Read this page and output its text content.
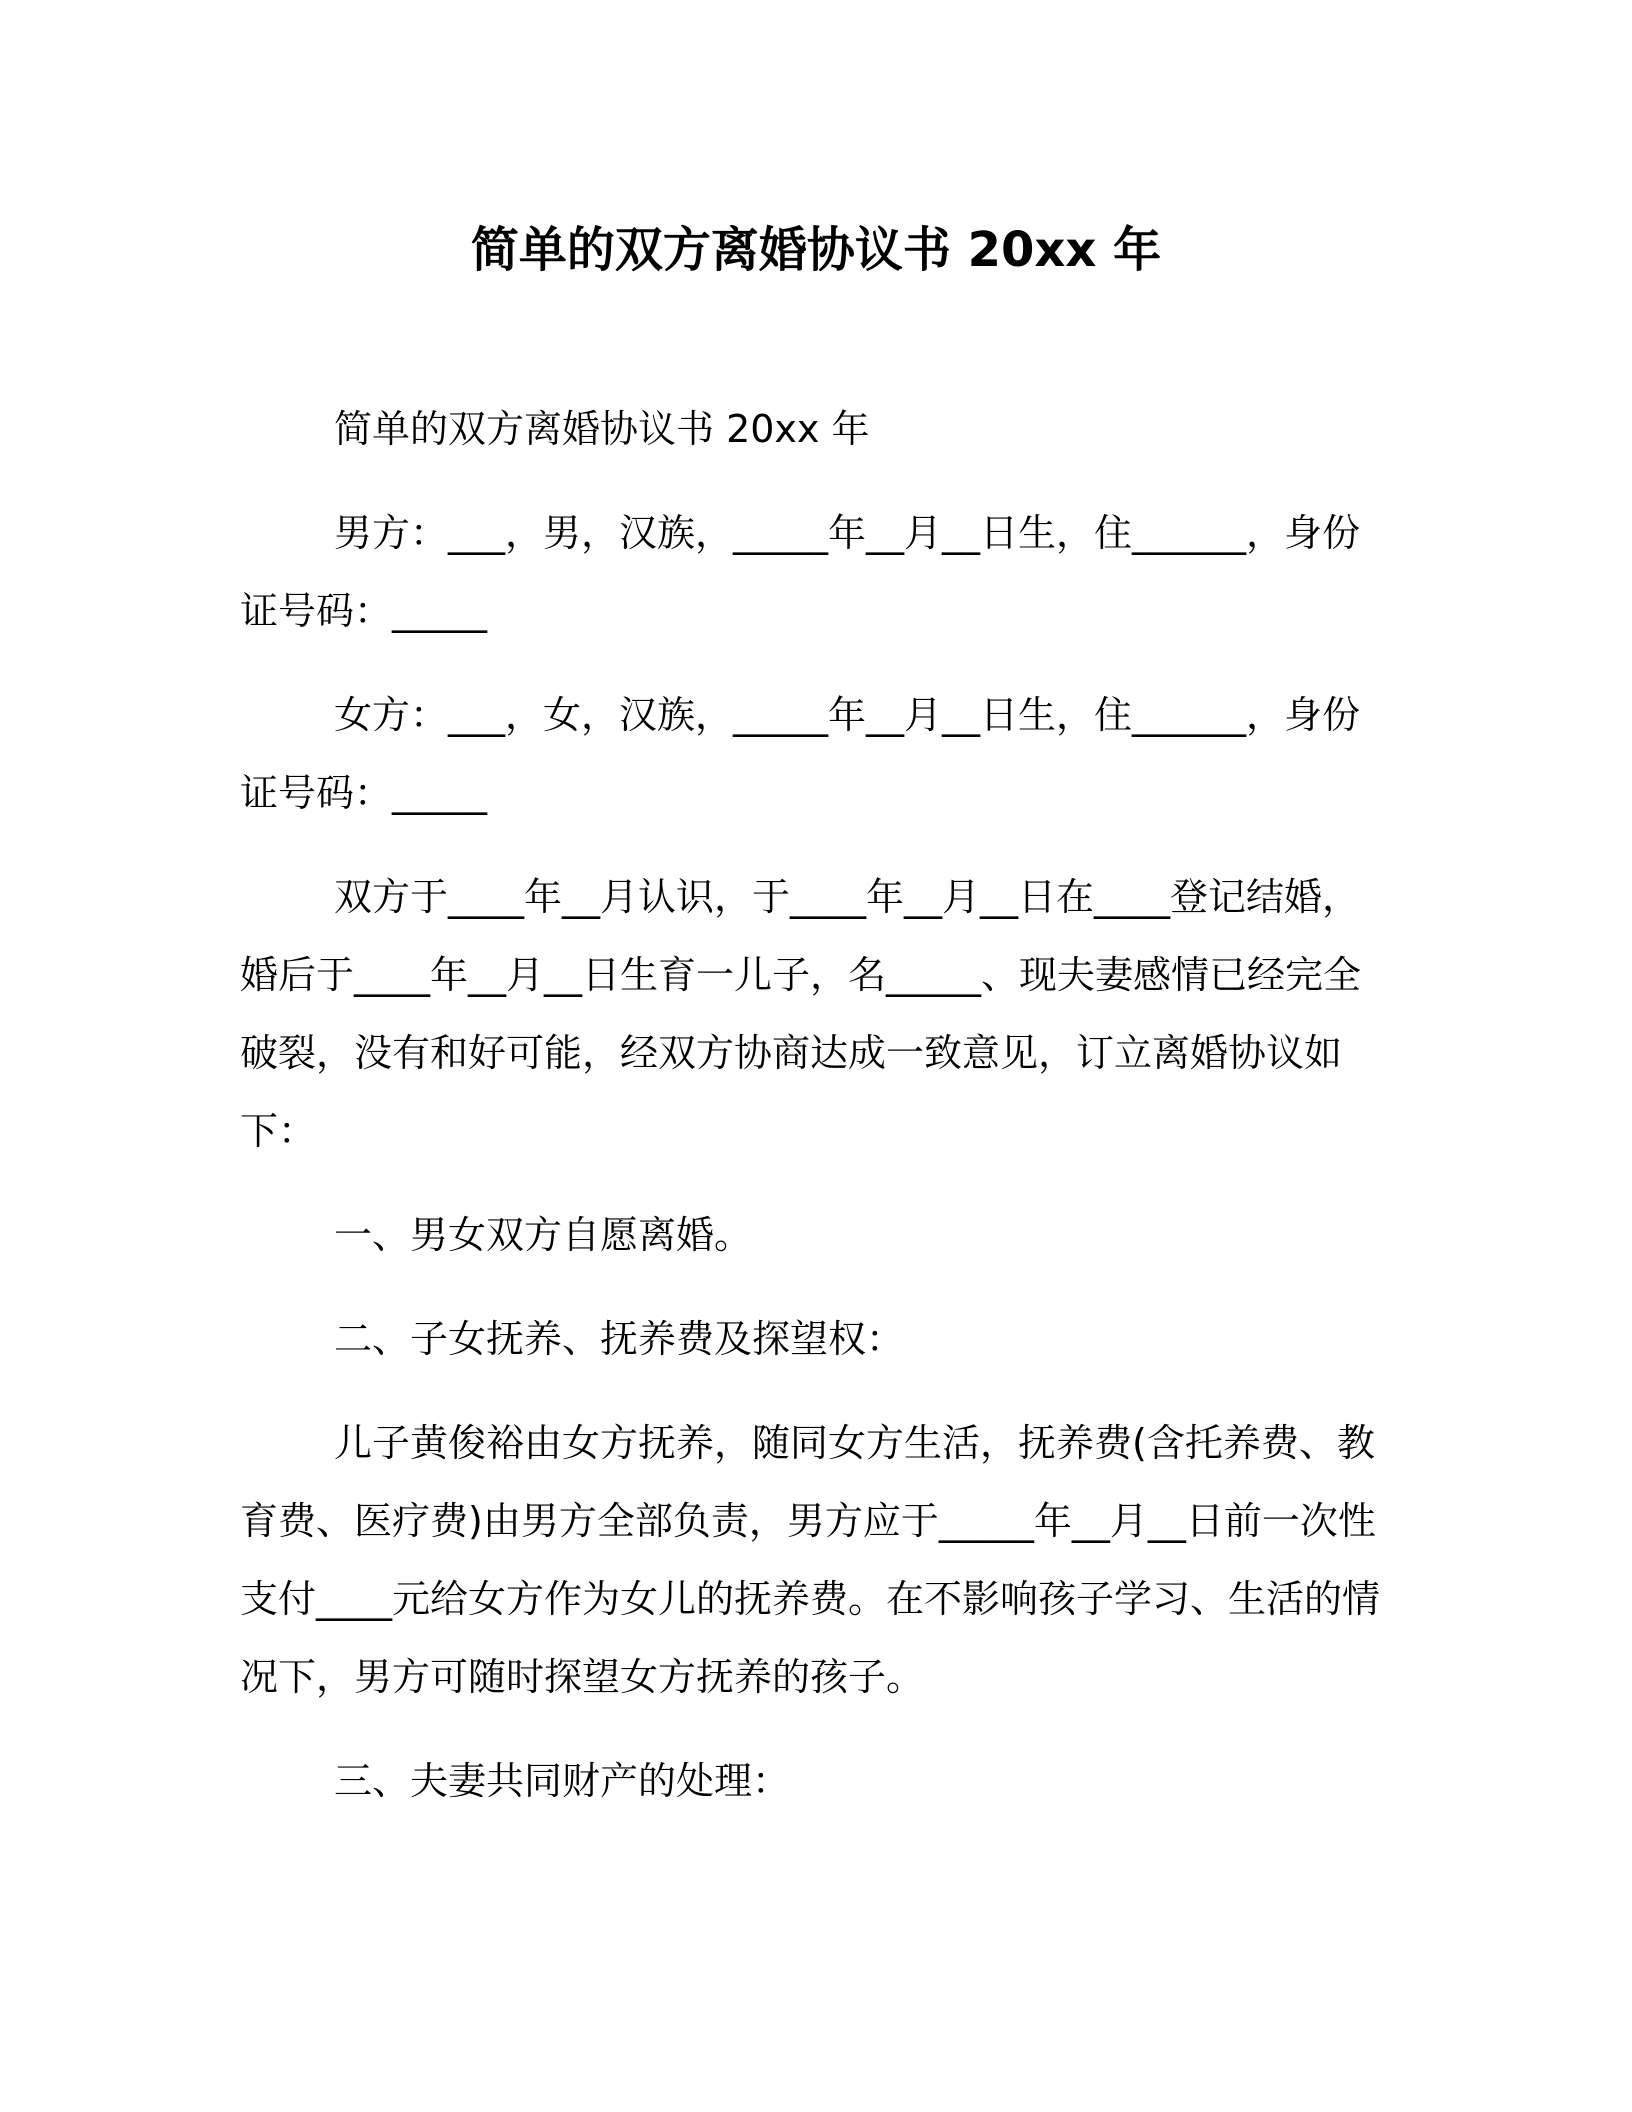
简单的双方离婚协议书 20xx 年

简单的双方离婚协议书 20xx 年

男方：___，男，汉族，_____年__月__日生，住______，身份证号码：_____

女方：___，女，汉族，_____年__月__日生，住______，身份证号码：_____

双方于____年__月认识，于____年__月__日在____登记结婚，婚后于____年__月__日生育一儿子，名_____、现夫妻感情已经完全破裂，没有和好可能，经双方协商达成一致意见，订立离婚协议如下：

一、男女双方自愿离婚。

二、子女抚养、抚养费及探望权：

儿子黄俊裕由女方抚养，随同女方生活，抚养费(含托养费、教育费、医疗费)由男方全部负责，男方应于_____年__月__日前一次性支付____元给女方作为女儿的抚养费。在不影响孩子学习、生活的情况下，男方可随时探望女方抚养的孩子。

三、夫妻共同财产的处理：
